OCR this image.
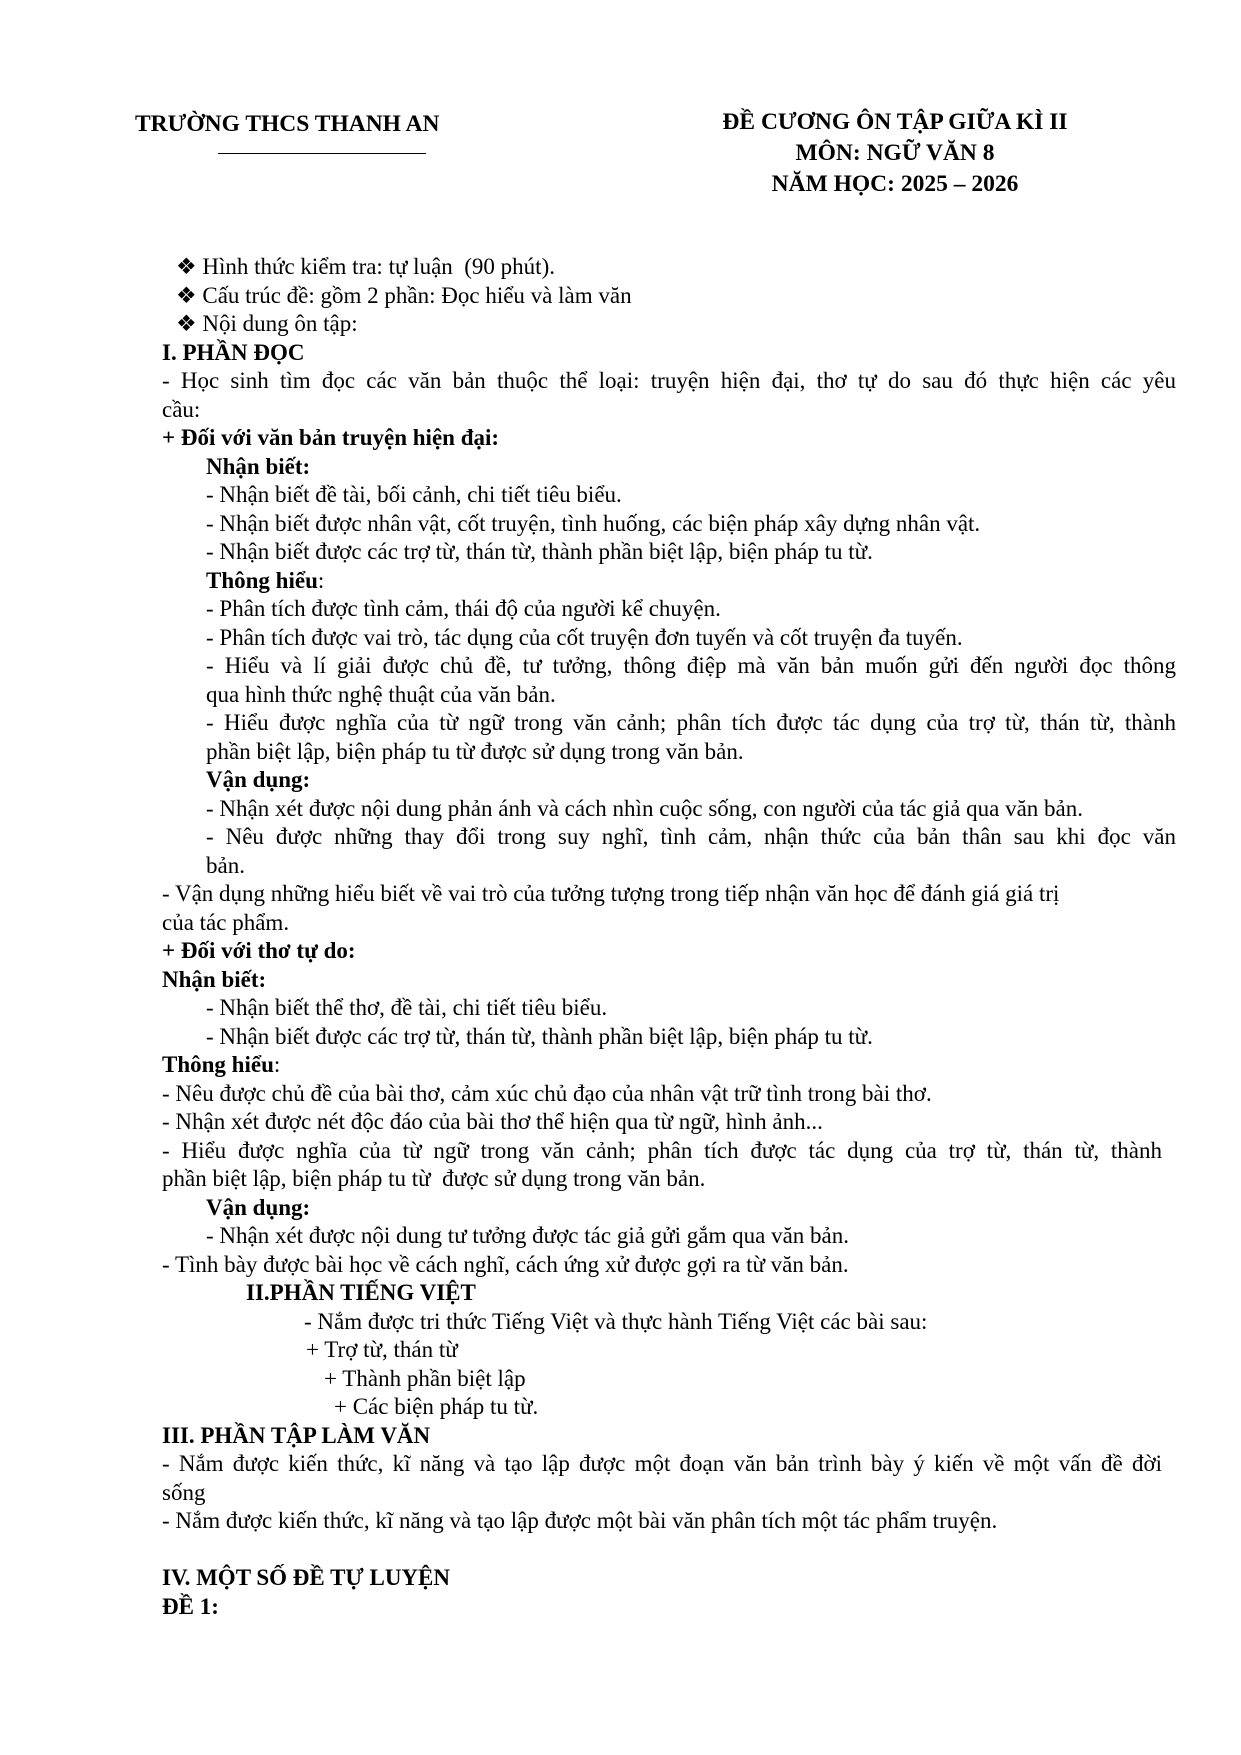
TRƯỜNG THCS THANH AN	ĐỀ CƯƠNG ÔN TẬP GIỮA KÌ II
MÔN: NGỮ VĂN 8
NĂM HỌC: 2025 – 2026
❖ Hình thức kiểm tra: tự luận  (90 phút).
❖ Cấu trúc đề: gồm 2 phần: Đọc hiểu và làm văn
❖ Nội dung ôn tập:
I. PHẦN ĐỌC
- Học sinh tìm đọc các văn bản thuộc thể loại: truyện hiện đại, thơ tự do sau đó thực hiện các yêu
cầu:
+ Đối với văn bản truyện hiện đại:
Nhận biết:
- Nhận biết đề tài, bối cảnh, chi tiết tiêu biểu.
- Nhận biết được nhân vật, cốt truyện, tình huống, các biện pháp xây dựng nhân vật.
- Nhận biết được các trợ từ, thán từ, thành phần biệt lập, biện pháp tu từ.
Thông hiểu:
- Phân tích được tình cảm, thái độ của người kể chuyện.
- Phân tích được vai trò, tác dụng của cốt truyện đơn tuyến và cốt truyện đa tuyến.
- Hiểu và lí giải được chủ đề, tư tưởng, thông điệp mà văn bản muốn gửi đến người đọc thông
qua hình thức nghệ thuật của văn bản.
- Hiểu được nghĩa của từ ngữ trong văn cảnh; phân tích được tác dụng của trợ từ, thán từ, thành
phần biệt lập, biện pháp tu từ được sử dụng trong văn bản.
Vận dụng:
- Nhận xét được nội dung phản ánh và cách nhìn cuộc sống, con người của tác giả qua văn bản.
- Nêu được những thay đổi trong suy nghĩ, tình cảm, nhận thức của bản thân sau khi đọc văn
bản.
- Vận dụng những hiểu biết về vai trò của tưởng tượng trong tiếp nhận văn học để đánh giá giá trị
của tác phẩm.
+ Đối với thơ tự do:
Nhận biết:
- Nhận biết thể thơ, đề tài, chi tiết tiêu biểu.
- Nhận biết được các trợ từ, thán từ, thành phần biệt lập, biện pháp tu từ.
Thông hiểu:
- Nêu được chủ đề của bài thơ, cảm xúc chủ đạo của nhân vật trữ tình trong bài thơ.
- Nhận xét được nét độc đáo của bài thơ thể hiện qua từ ngữ, hình ảnh...
- Hiểu được nghĩa của từ ngữ trong văn cảnh; phân tích được tác dụng của trợ từ, thán từ, thành
phần biệt lập, biện pháp tu từ  được sử dụng trong văn bản.
Vận dụng:
- Nhận xét được nội dung tư tưởng được tác giả gửi gắm qua văn bản.
- Tình bày được bài học về cách nghĩ, cách ứng xử được gợi ra từ văn bản.
II.PHẦN TIẾNG VIỆT
- Nắm được tri thức Tiếng Việt và thực hành Tiếng Việt các bài sau:
+ Trợ từ, thán từ
+ Thành phần biệt lập
+ Các biện pháp tu từ.
III. PHẦN TẬP LÀM VĂN
- Nắm được kiến thức, kĩ năng và tạo lập được một đoạn văn bản trình bày ý kiến về một vấn đề đời
sống
- Nắm được kiến thức, kĩ năng và tạo lập được một bài văn phân tích một tác phẩm truyện.
IV. MỘT SỐ ĐỀ TỰ LUYỆN
ĐỀ 1:
